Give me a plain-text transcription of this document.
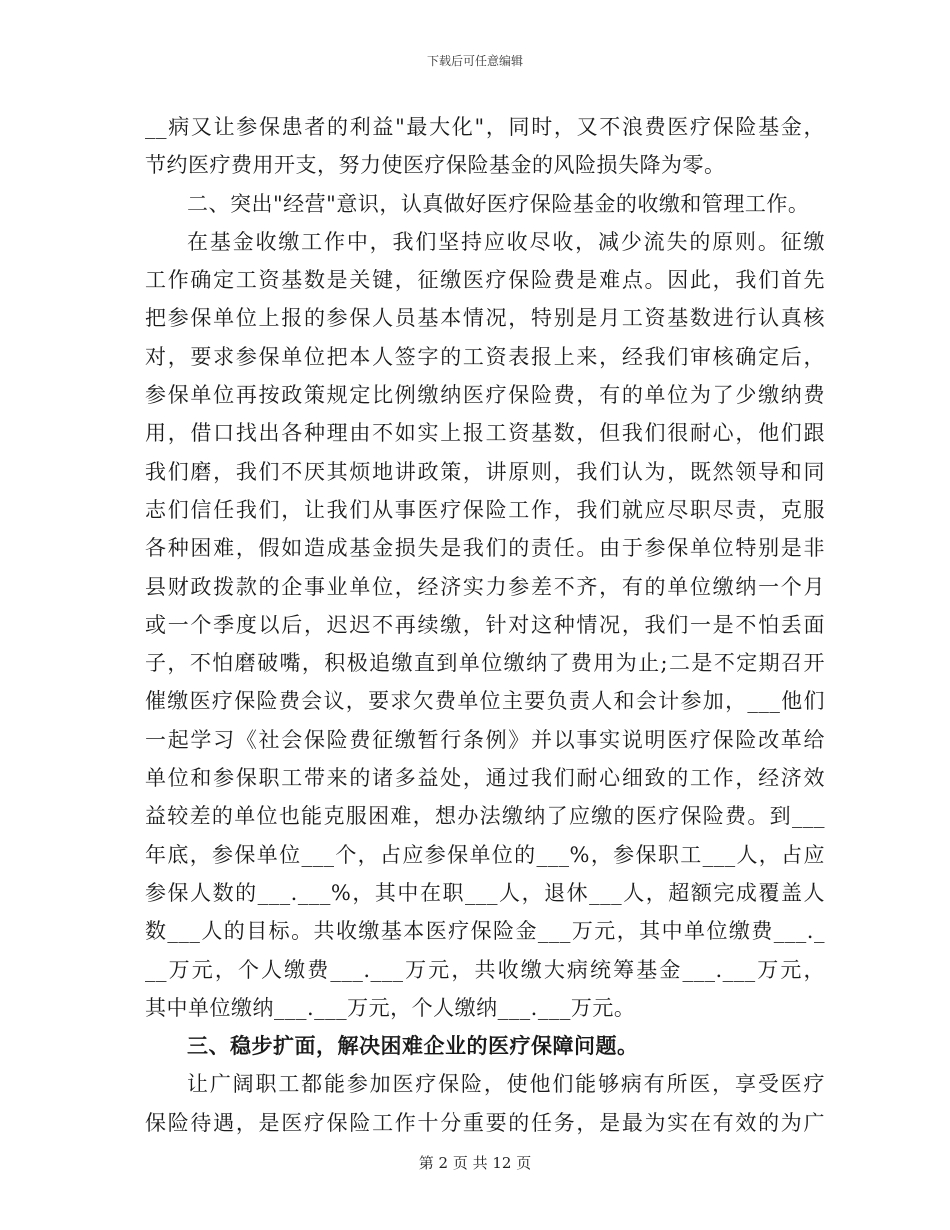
下载后可任意编辑
__病又让参保患者的利益"最大化"，同时，又不浪费医疗保险基金，
节约医疗费用开支，努力使医疗保险基金的风险损失降为零。
二、突出"经营"意识，认真做好医疗保险基金的收缴和管理工作。
在基金收缴工作中，我们坚持应收尽收，减少流失的原则。征缴
工作确定工资基数是关键，征缴医疗保险费是难点。因此，我们首先
把参保单位上报的参保人员基本情况，特别是月工资基数进行认真核
对，要求参保单位把本人签字的工资表报上来，经我们审核确定后，
参保单位再按政策规定比例缴纳医疗保险费，有的单位为了少缴纳费
用，借口找出各种理由不如实上报工资基数，但我们很耐心，他们跟
我们磨，我们不厌其烦地讲政策，讲原则，我们认为，既然领导和同
志们信任我们，让我们从事医疗保险工作，我们就应尽职尽责，克服
各种困难，假如造成基金损失是我们的责任。由于参保单位特别是非
县财政拨款的企事业单位，经济实力参差不齐，有的单位缴纳一个月
或一个季度以后，迟迟不再续缴，针对这种情况，我们一是不怕丢面
子，不怕磨破嘴，积极追缴直到单位缴纳了费用为止;二是不定期召开
催缴医疗保险费会议，要求欠费单位主要负责人和会计参加，___他们
一起学习《社会保险费征缴暂行条例》并以事实说明医疗保险改革给
单位和参保职工带来的诸多益处，通过我们耐心细致的工作，经济效
益较差的单位也能克服困难，想办法缴纳了应缴的医疗保险费。到___
年底，参保单位___个，占应参保单位的___%，参保职工___人，占应
参保人数的___.___%，其中在职___人，退休___人，超额完成覆盖人
数___人的目标。共收缴基本医疗保险金___万元，其中单位缴费___._
__万元，个人缴费___.___万元，共收缴大病统筹基金___.___万元，
其中单位缴纳___.___万元，个人缴纳___.___万元。
三、稳步扩面，解决困难企业的医疗保障问题。
让广阔职工都能参加医疗保险，使他们能够病有所医，享受医疗
保险待遇，是医疗保险工作十分重要的任务，是最为实在有效的为广
第 2 页 共 12 页
